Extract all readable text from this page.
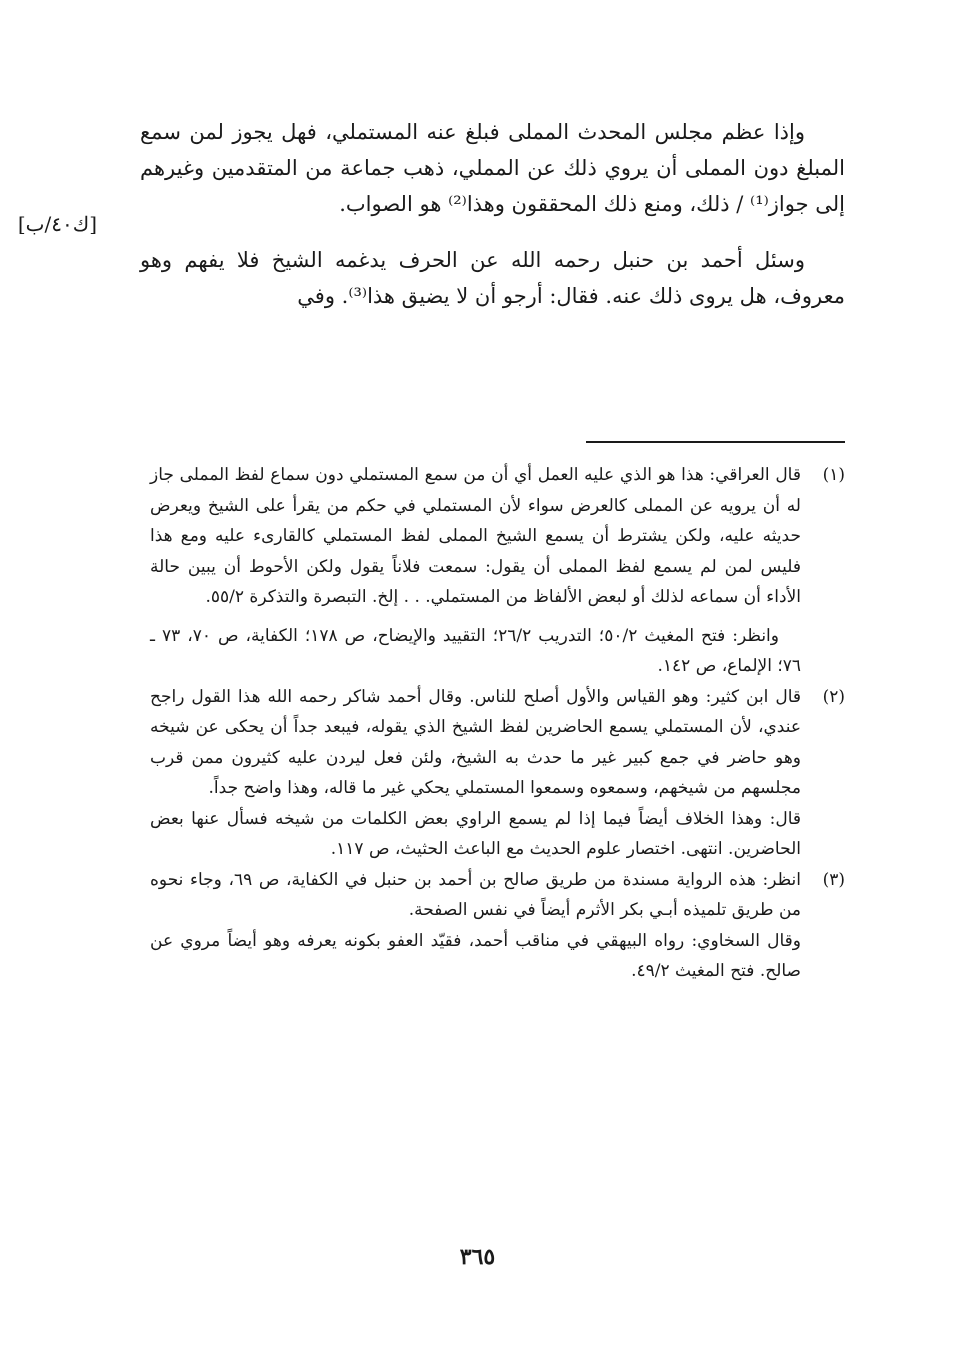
وإذا عظم مجلس المحدث المملى فبلغ عنه المستملي، فهل يجوز لمن سمع المبلغ دون المملى أن يروي ذلك عن المملي، ذهب جماعة من المتقدمين وغيرهم إلى جواز⁽¹⁾ / ذلك، ومنع ذلك المحققون وهذا⁽²⁾ هو الصواب.

وسئل أحمد بن حنبل رحمه الله عن الحرف يدغمه الشيخ فلا يفهم وهو معروف، هل يروى ذلك عنه. فقال: أرجو أن لا يضيق هذا⁽³⁾. وفي

[ك٤٠/ب]
(١)

قال العراقي: هذا هو الذي عليه العمل أي أن من سمع المستملي دون سماع لفظ المملى جاز له أن يرويه عن المملى كالعرض سواء لأن المستملي في حكم من يقرأ على الشيخ ويعرض حديثه عليه، ولكن يشترط أن يسمع الشيخ المملى لفظ المستملي كالقارىء عليه ومع هذا فليس لمن لم يسمع لفظ المملى أن يقول: سمعت فلاناً يقول ولكن الأحوط أن يبين حالة الأداء أن سماعه لذلك أو لبعض الألفاظ من المستملي. . . إلخ. التبصرة والتذكرة ٥٥/٢.

وانظر: فتح المغيث ٥٠/٢؛ التدريب ٢٦/٢؛ التقييد والإيضاح، ص ١٧٨؛ الكفاية، ص ٧٠، ٧٣ ـ ٧٦؛ الإلماع، ص ١٤٢.

(٢)

قال ابن كثير: وهو القياس والأول أصلح للناس. وقال أحمد شاكر رحمه الله هذا القول راجح عندي، لأن المستملي يسمع الحاضرين لفظ الشيخ الذي يقوله، فيبعد جداً أن يحكى عن شيخه وهو حاضر في جمع كبير غير ما حدث به الشيخ، ولئن فعل ليردن عليه كثيرون ممن قرب مجلسهم من شيخهم، وسمعوه وسمعوا المستملي يحكي غير ما قاله، وهذا واضح جداً.

قال: وهذا الخلاف أيضاً فيما إذا لم يسمع الراوي بعض الكلمات من شيخه فسأل عنها بعض الحاضرين. انتهى. اختصار علوم الحديث مع الباعث الحثيث، ص ١١٧.

(٣)

انظر: هذه الرواية مسندة من طريق صالح بن أحمد بن حنبل في الكفاية، ص ٦٩، وجاء نحوه من طريق تلميذه أبـي بكر الأثرم أيضاً في نفس الصفحة.

وقال السخاوي: رواه البيهقي في مناقب أحمد، فقيّد العفو بكونه يعرفه وهو أيضاً مروي عن صالح. فتح المغيث ٤٩/٢.

٣٦٥
